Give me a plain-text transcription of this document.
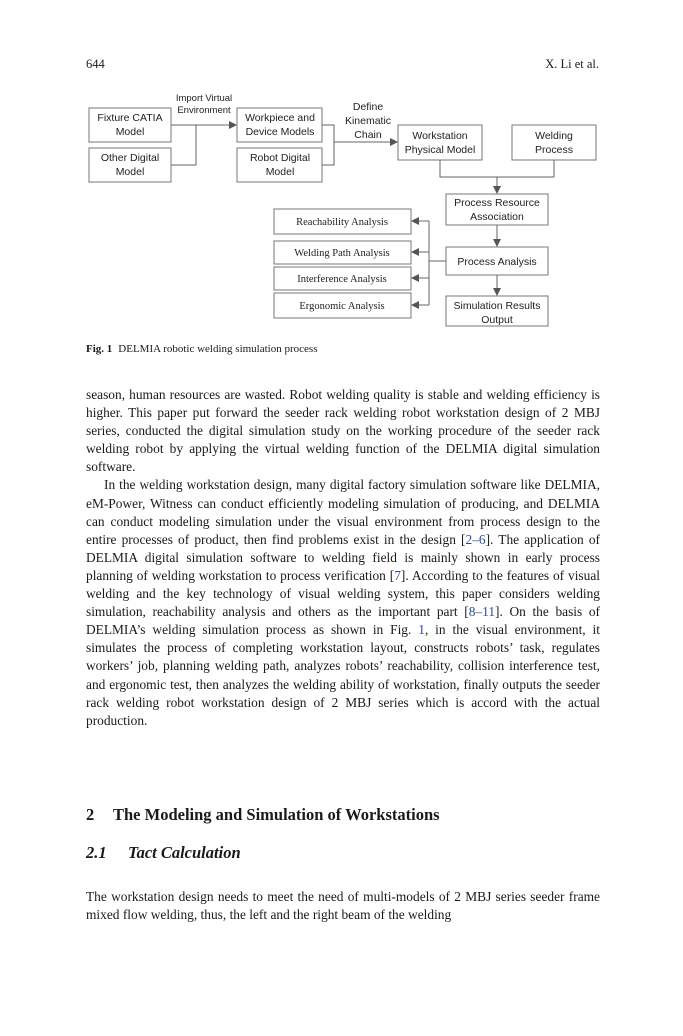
644	X. Li et al.
Fixture CATIA
Model
Other Digital
Model
Workpiece and
Device Models
Robot Digital
Model
Workstation
Physical Model
Welding
Process
Process Resource
Association
Process Analysis
Simulation Results
Output
Reachability Analysis
Welding Path Analysis
Interference Analysis
Ergonomic Analysis
Import Virtual
Environment	Define
Kinematic
Chain
Fig. 1 DELMIA robotic welding simulation process

season, human resources are wasted. Robot welding quality is stable and welding efficiency is higher. This paper put forward the seeder rack welding robot workstation design of 2 MBJ series, conducted the digital simulation study on the working procedure of the seeder rack welding robot by applying the virtual welding function of the DELMIA digital simulation software.

In the welding workstation design, many digital factory simulation software like DELMIA, eM-Power, Witness can conduct efficiently modeling simulation of producing, and DELMIA can conduct modeling simulation under the visual environment from process design to the entire processes of product, then find problems exist in the design [2–6]. The application of DELMIA digital simulation software to welding field is mainly shown in early process planning of welding workstation to process verification [7]. According to the features of visual welding and the key technology of visual welding system, this paper considers welding simulation, reachability analysis and others as the important part [8–11]. On the basis of DELMIA’s welding simulation process as shown in Fig. 1, in the visual environment, it simulates the process of completing workstation layout, constructs robots’ task, regulates workers’ job, planning welding path, analyzes robots’ reachability, collision interference test, and ergonomic test, then analyzes the welding ability of workstation, finally outputs the seeder rack welding robot workstation design of 2 MBJ series which is accord with the actual production.

2 The Modeling and Simulation of Workstations
2.1 Tact Calculation

The workstation design needs to meet the need of multi-models of 2 MBJ series seeder frame mixed flow welding, thus, the left and the right beam of the welding
